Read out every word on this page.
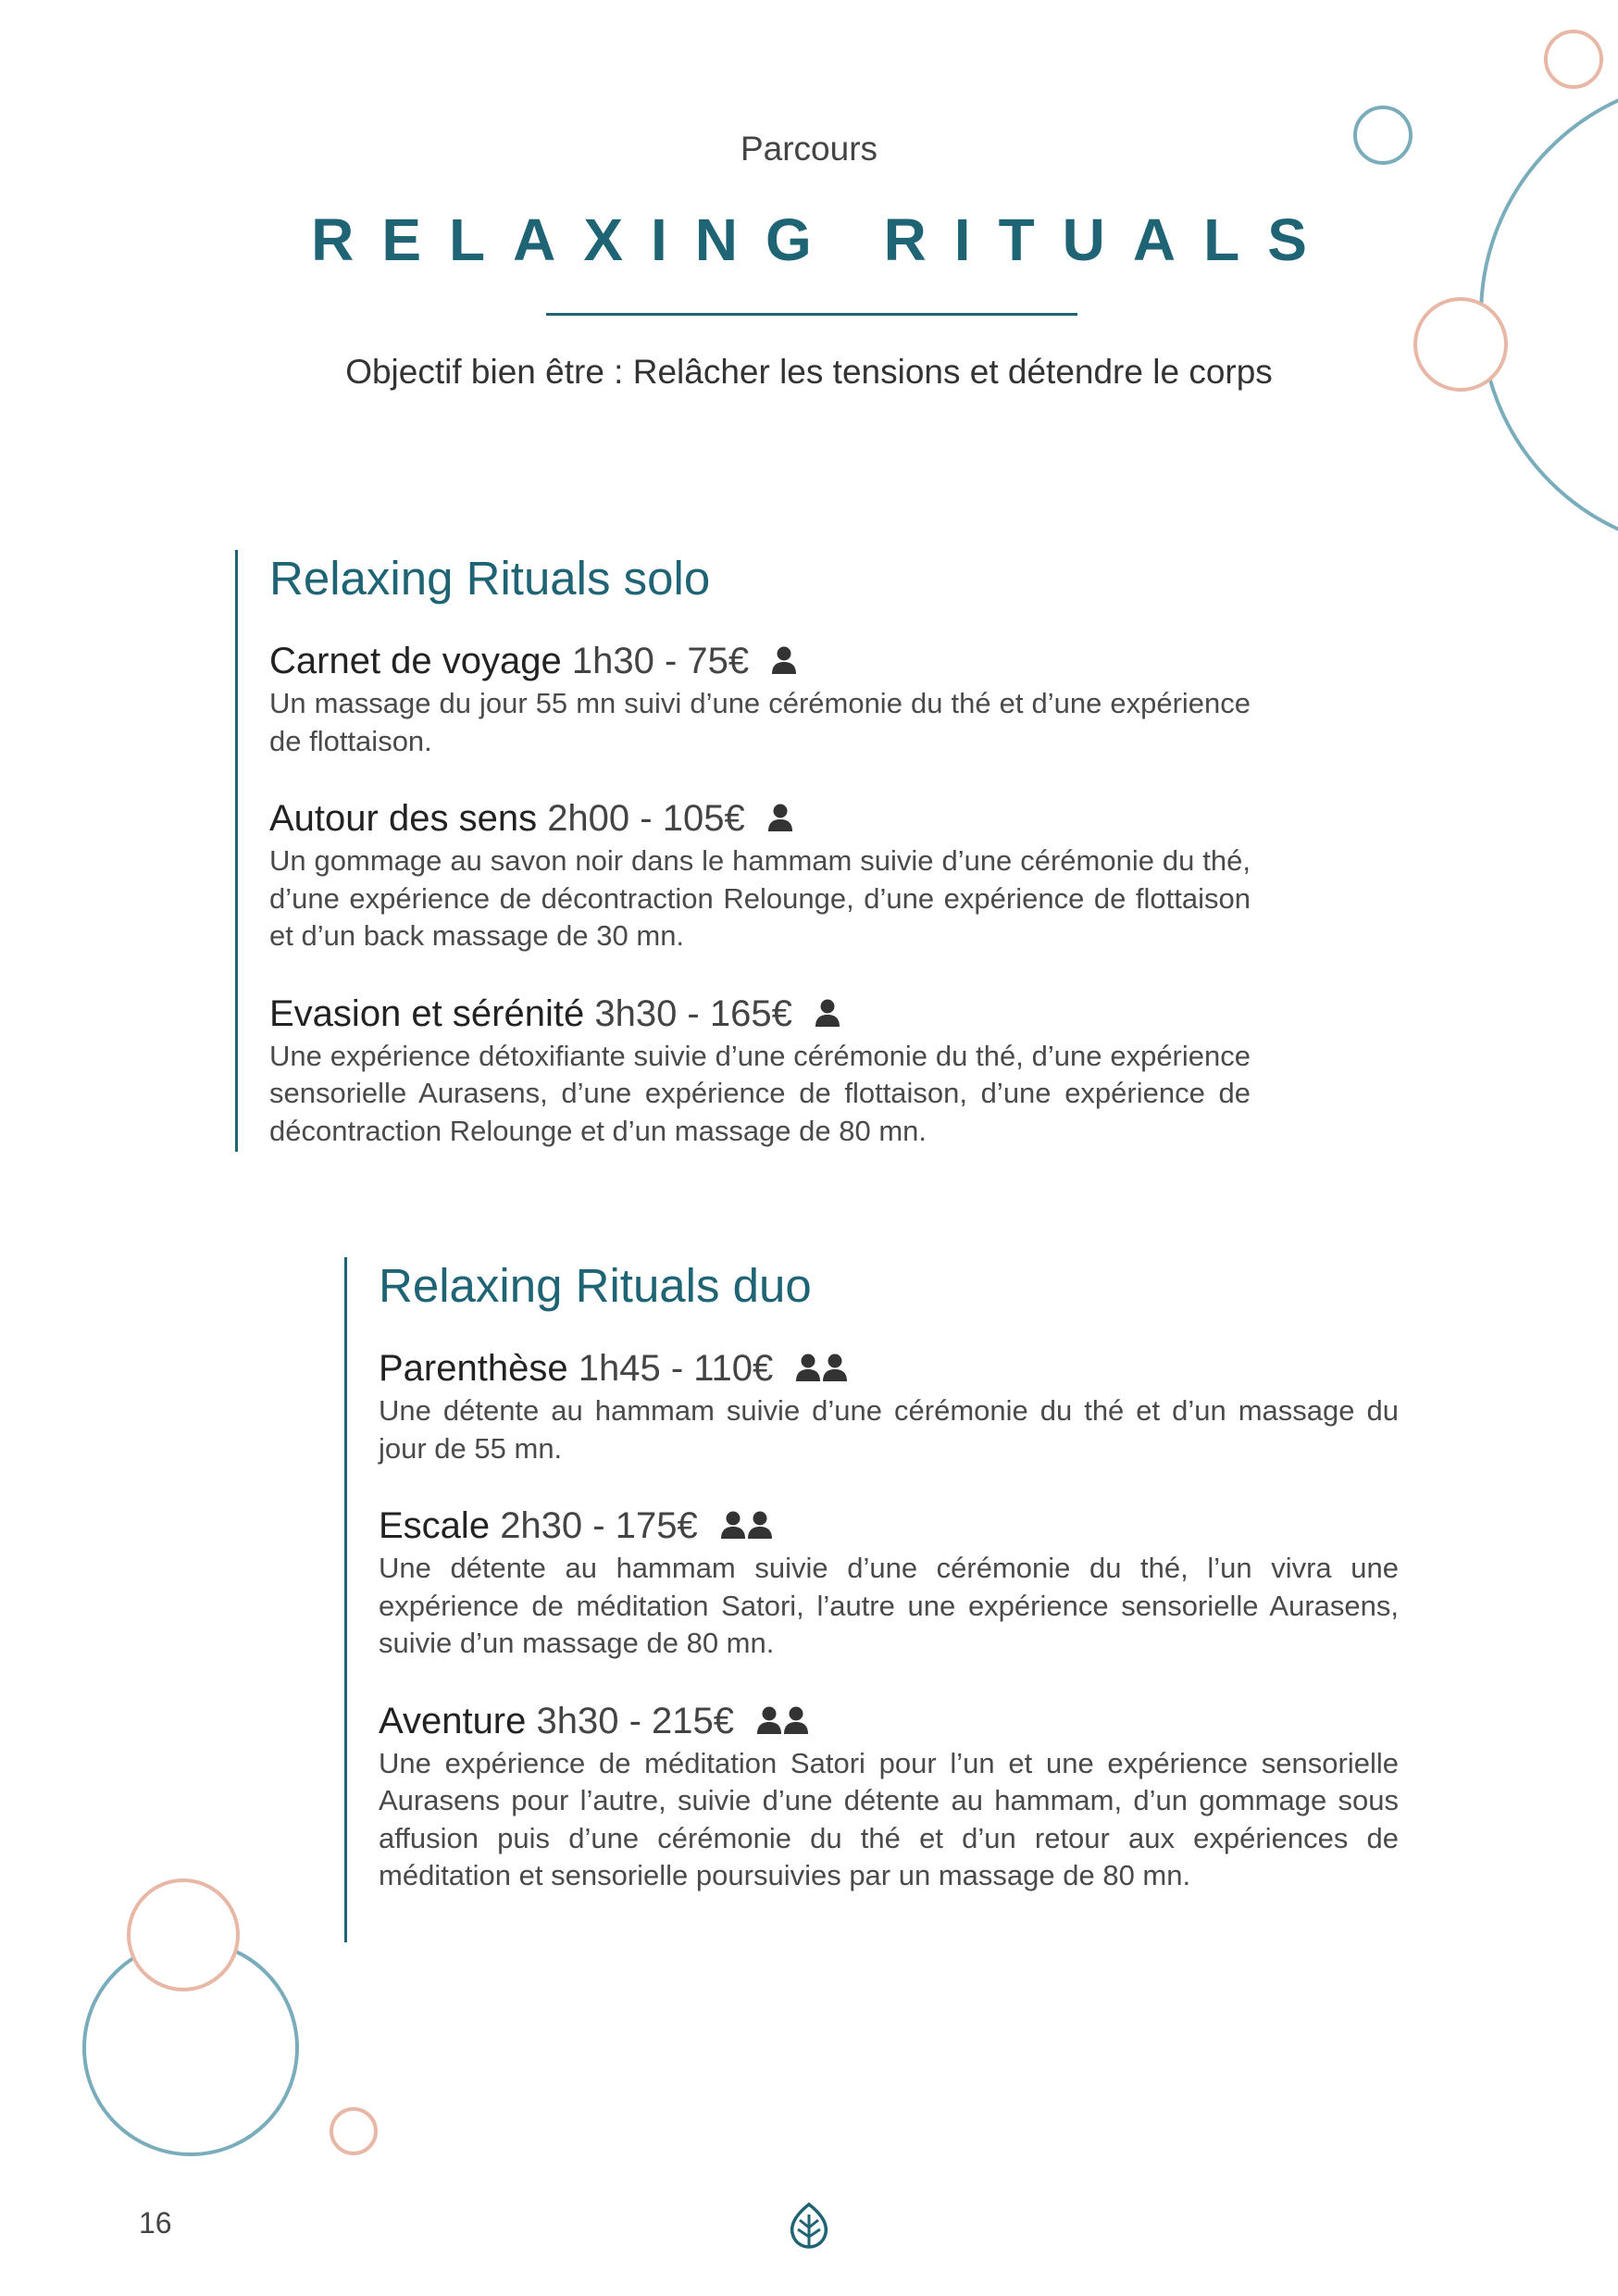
Parcours
RELAXING RITUALS
Objectif bien être : Relâcher les tensions et détendre le corps
Relaxing Rituals solo
Carnet de voyage 1h30 - 75€

Un massage du jour 55 mn suivi d’une cérémonie du thé et d’une expérience de flottaison.

Autour des sens 2h00 - 105€

Un gommage au savon noir dans le hammam suivie d’une cérémonie du thé, d’une expérience de décontraction Relounge, d’une expérience de flottaison et d’un back massage de 30 mn.

Evasion et sérénité 3h30 - 165€

Une expérience détoxifiante suivie d’une cérémonie du thé, d’une expérience sensorielle Aurasens, d’une expérience de flottaison, d’une expérience de décontraction Relounge et d’un massage de 80 mn.

Relaxing Rituals duo
Parenthèse 1h45 - 110€

Une détente au hammam suivie d’une cérémonie du thé et d’un massage du jour de 55 mn.

Escale 2h30 - 175€

Une détente au hammam suivie d’une cérémonie du thé, l’un vivra une expérience de méditation Satori, l’autre une expérience sensorielle Aurasens, suivie d’un massage de 80 mn.

Aventure 3h30 - 215€

Une expérience de méditation Satori pour l’un et une expérience sensorielle Aurasens pour l’autre, suivie d’une détente au hammam, d’un gommage sous affusion puis d’une cérémonie du thé et d’un retour aux expériences de méditation et sensorielle poursuivies par un massage de 80 mn.

16
